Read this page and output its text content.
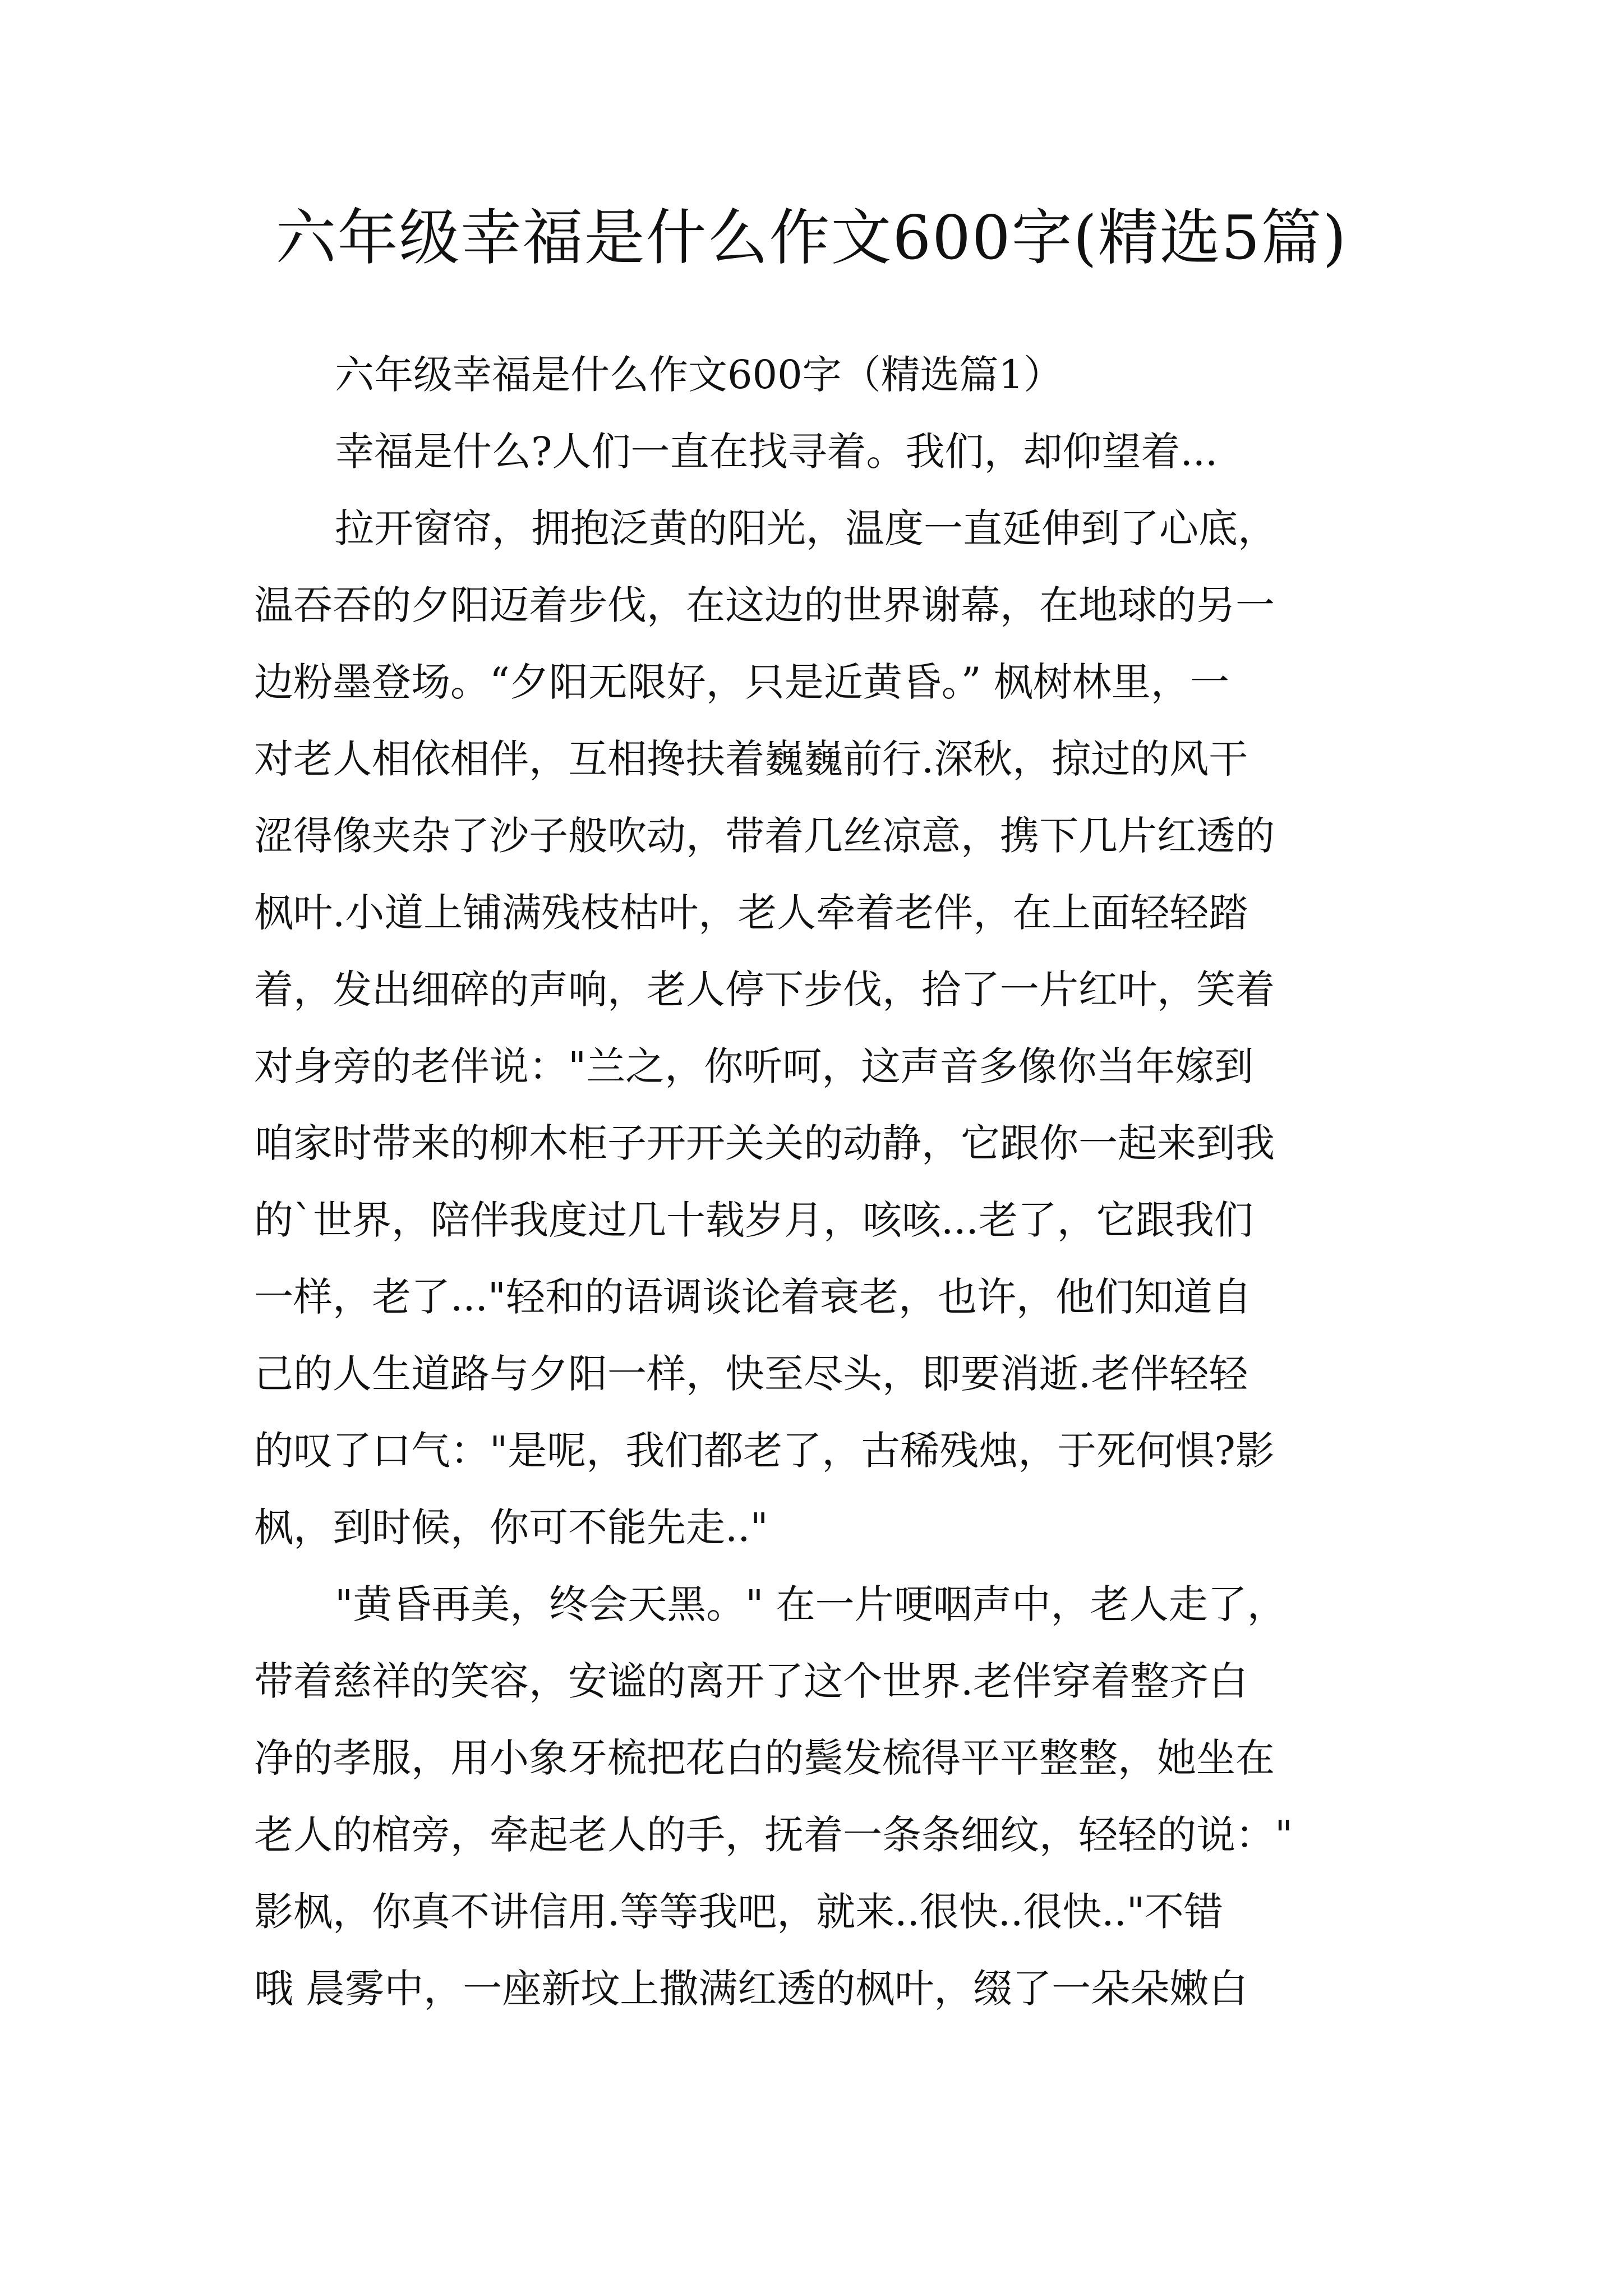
六年级幸福是什么作文600字(精选5篇)
六年级幸福是什么作文600字（精选篇1）
幸福是什么?人们一直在找寻着。我们，却仰望着...
拉开窗帘，拥抱泛黄的阳光，温度一直延伸到了心底，
温吞吞的夕阳迈着步伐，在这边的世界谢幕，在地球的另一
边粉墨登场。“夕阳无限好，只是近黄昏。” 枫树林里，一
对老人相依相伴，互相搀扶着巍巍前行.深秋，掠过的风干
涩得像夹杂了沙子般吹动，带着几丝凉意，携下几片红透的
枫叶.小道上铺满残枝枯叶，老人牵着老伴，在上面轻轻踏
着，发出细碎的声响，老人停下步伐，拾了一片红叶，笑着
对身旁的老伴说："兰之，你听呵，这声音多像你当年嫁到
咱家时带来的柳木柜子开开关关的动静，它跟你一起来到我
的`世界，陪伴我度过几十载岁月，咳咳...老了，它跟我们
一样，老了..."轻和的语调谈论着衰老，也许，他们知道自
己的人生道路与夕阳一样，快至尽头，即要消逝.老伴轻轻
的叹了口气："是呢，我们都老了，古稀残烛，于死何惧?影
枫，到时候，你可不能先走.."
"黄昏再美，终会天黑。" 在一片哽咽声中，老人走了，
带着慈祥的笑容，安谧的离开了这个世界.老伴穿着整齐白
净的孝服，用小象牙梳把花白的鬓发梳得平平整整，她坐在
老人的棺旁，牵起老人的手，抚着一条条细纹，轻轻的说："
影枫，你真不讲信用.等等我吧，就来..很快..很快.."不错
哦 晨雾中，一座新坟上撒满红透的枫叶，缀了一朵朵嫩白
